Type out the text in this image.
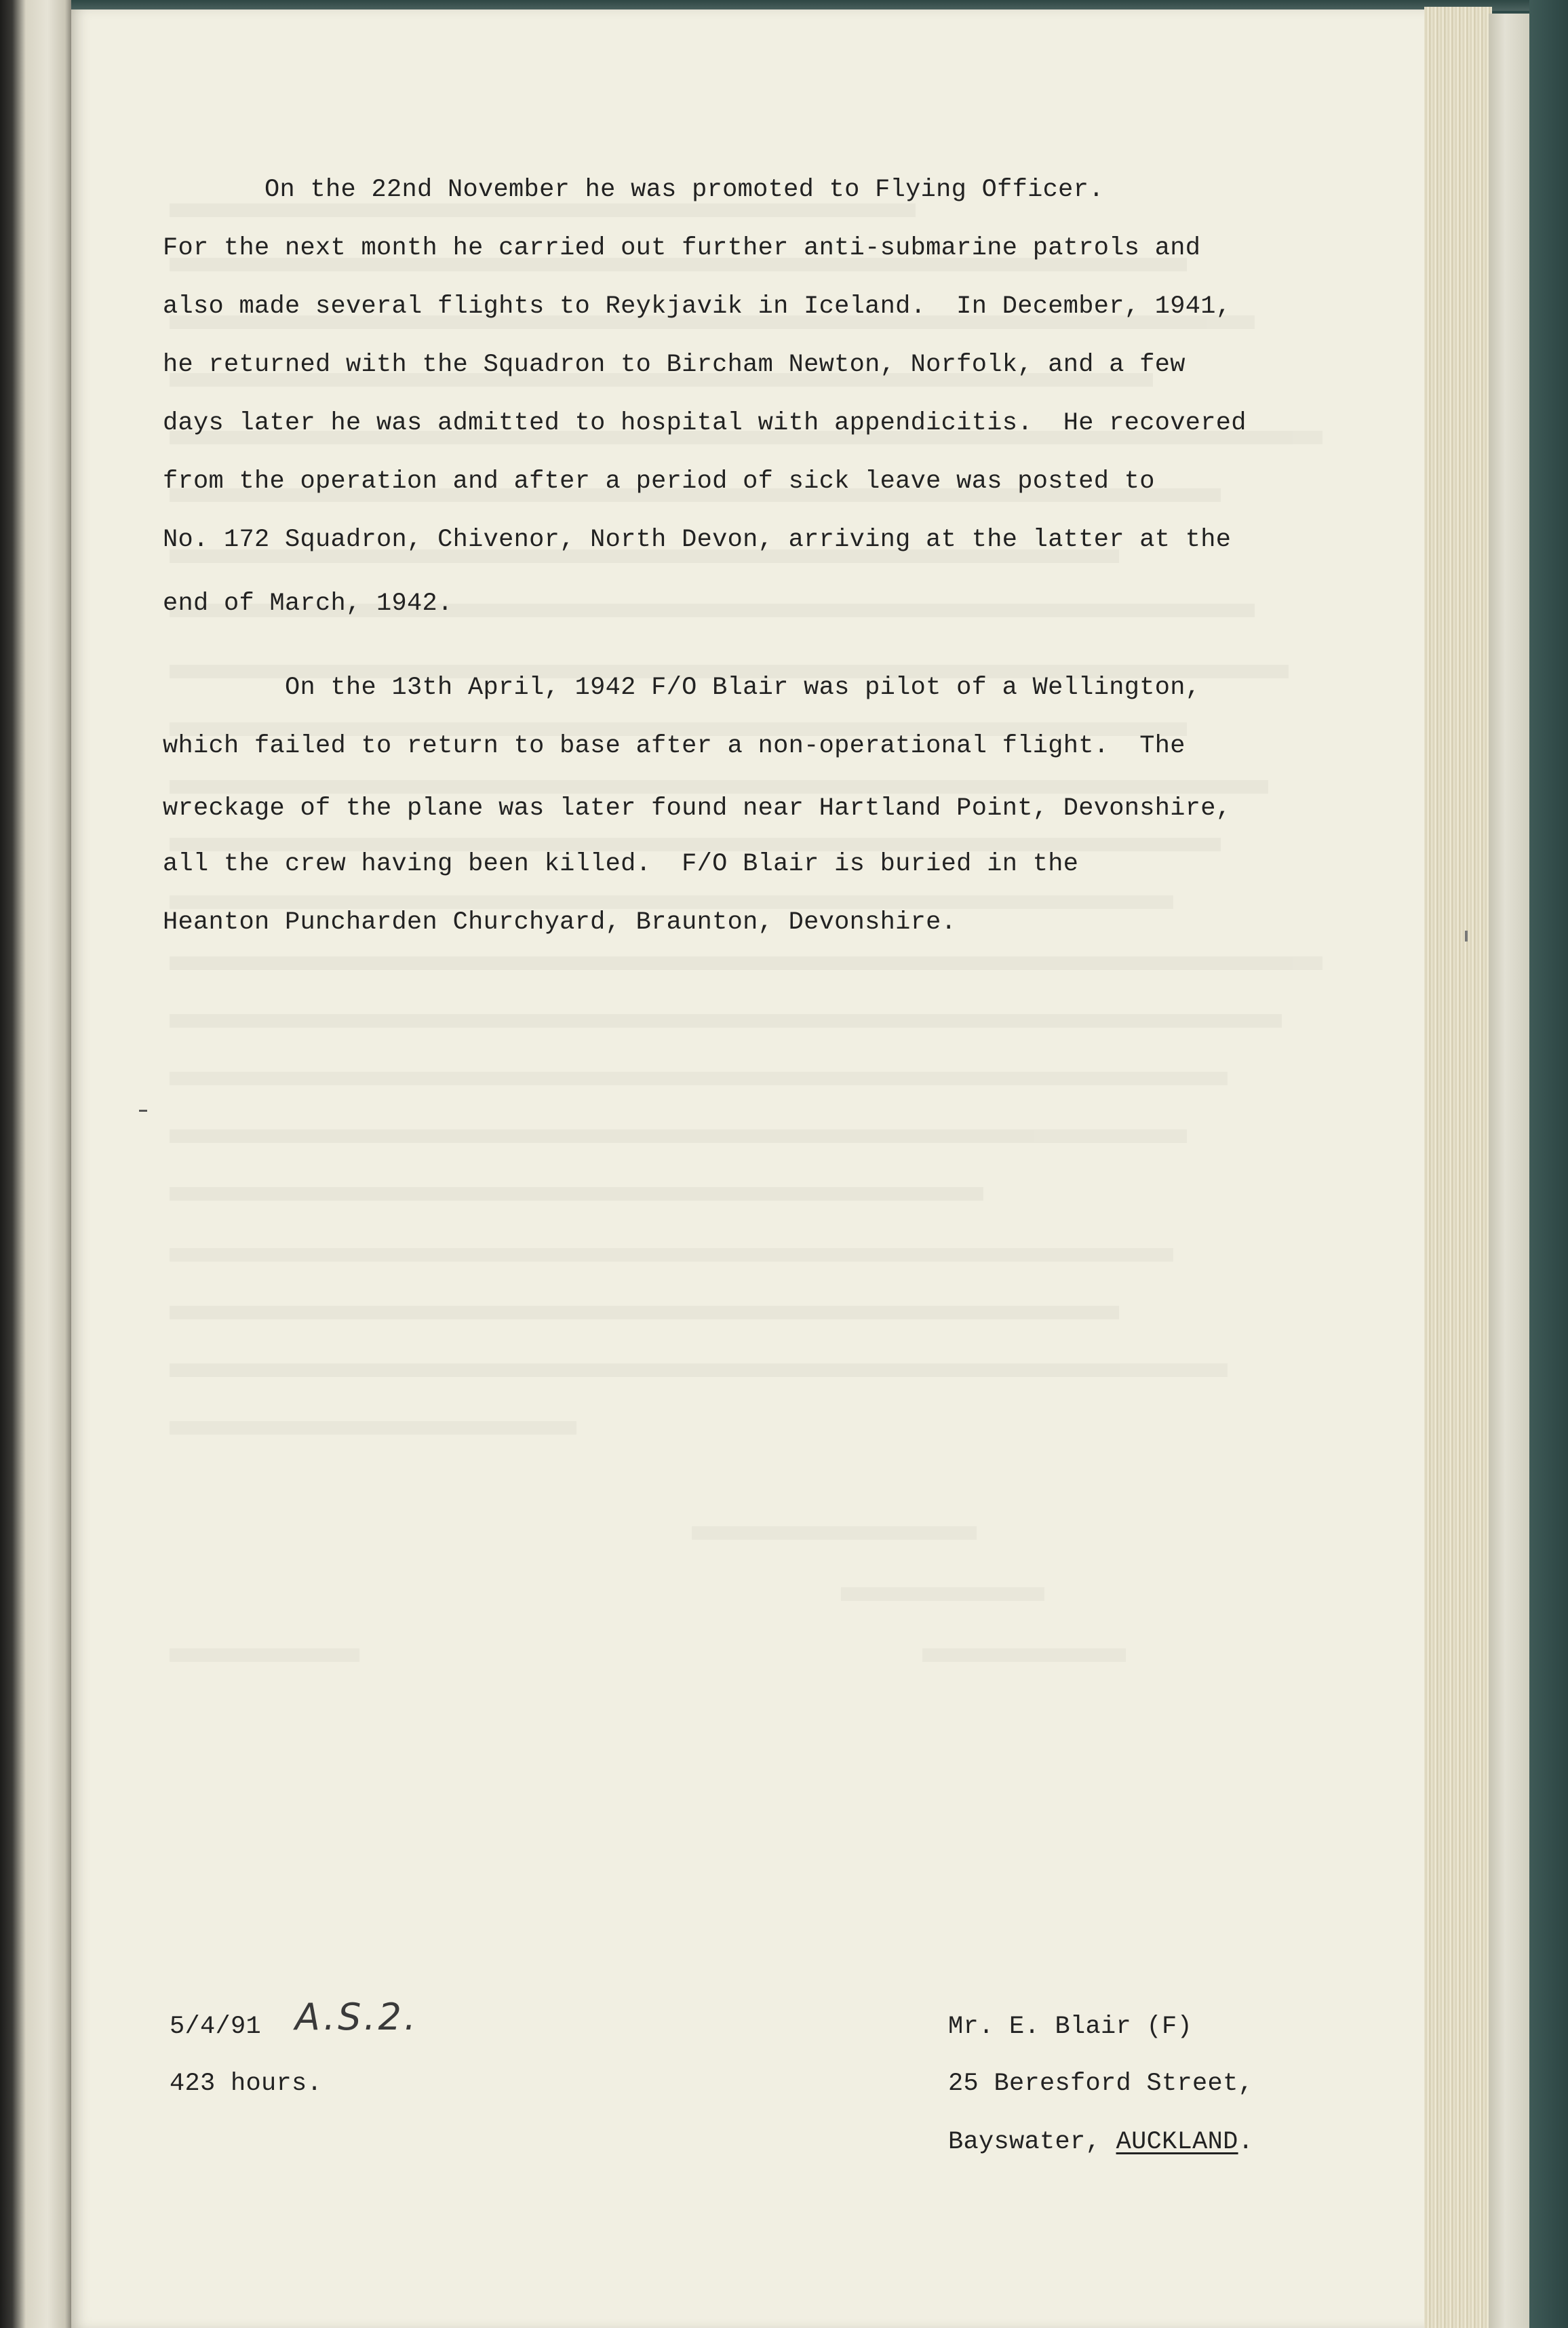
On the 22nd November he was promoted to Flying Officer.

For the next month he carried out further anti-submarine patrols and

also made several flights to Reykjavik in Iceland.  In December, 1941,

he returned with the Squadron to Bircham Newton, Norfolk, and a few

days later he was admitted to hospital with appendicitis.  He recovered

from the operation and after a period of sick leave was posted to

No. 172 Squadron, Chivenor, North Devon, arriving at the latter at the

end of March, 1942.

On the 13th April, 1942 F/O Blair was pilot of a Wellington,

which failed to return to base after a non-operational flight.  The

wreckage of the plane was later found near Hartland Point, Devonshire,

all the crew having been killed.  F/O Blair is buried in the

Heanton Puncharden Churchyard, Braunton, Devonshire.

5/4/91 A.S.2.

423 hours.

Mr. E. Blair (F)

25 Beresford Street,

Bayswater, AUCKLAND.
